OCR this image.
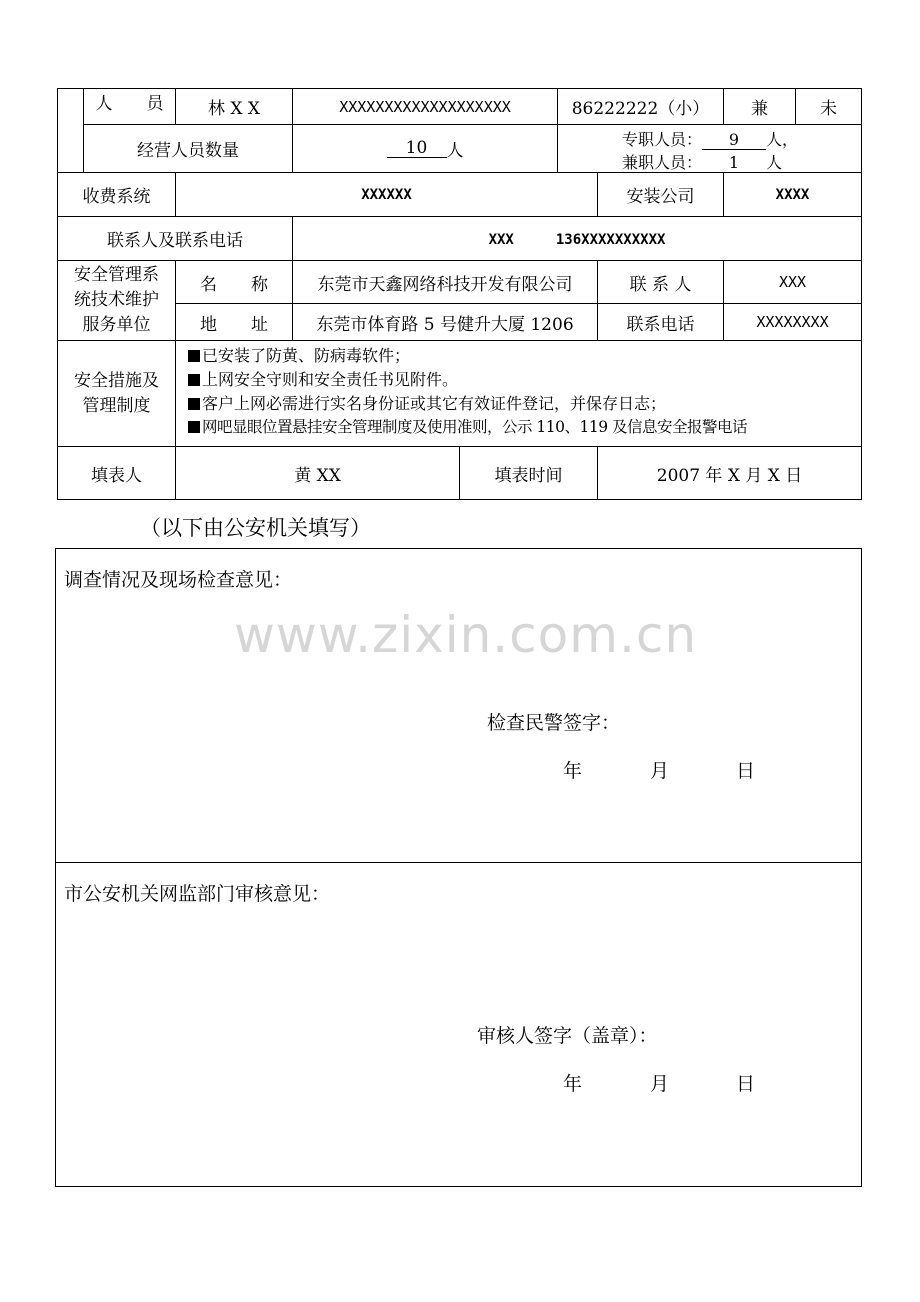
www.zixin.com.cn
人　　员	林 X X	XXXXXXXXXXXXXXXXXXX	86222222（小）	兼	未
经营人员数量	10	人
专职人员： 9 人，
兼职人员： 1 人
收费系统	XXXXXX	安装公司	XXXX
联系人及联系电话	XXX　　　136XXXXXXXXXX
安全管理系
统技术维护
服务单位
名　　称	东莞市天鑫网络科技开发有限公司	联 系 人	XXX
地　　址	东莞市体育路 5 号健升大厦 1206	联系电话	XXXXXXXX
安全措施及
管理制度
已安装了防黄、防病毒软件；
上网安全守则和安全责任书见附件。
客户上网必需进行实名身份证或其它有效证件登记，并保存日志；
网吧显眼位置悬挂安全管理制度及使用准则，公示 110、119 及信息安全报警电话
填表人	黄 XX	填表时间	2007 年 X 月 X 日
（以下由公安机关填写）
调查情况及现场检查意见：
检查民警签字：
年	月	日
市公安机关网监部门审核意见：
审核人签字（盖章）：
年	月	日
